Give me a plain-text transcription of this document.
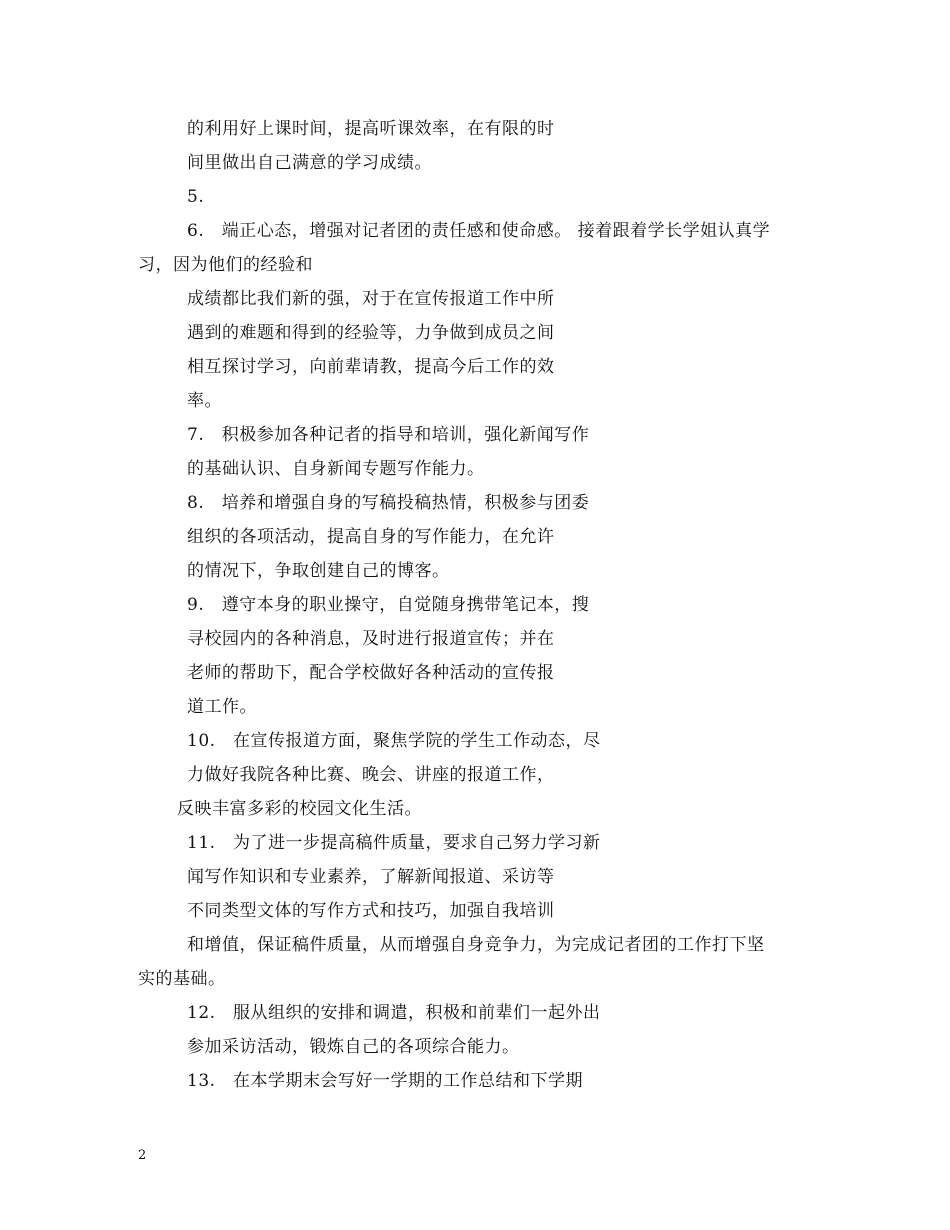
的利用好上课时间，提高听课效率，在有限的时
间里做出自己满意的学习成绩。
5.
6.　端正心态，增强对记者团的责任感和使命感。 接着跟着学长学姐认真学
习，因为他们的经验和
成绩都比我们新的强，对于在宣传报道工作中所
遇到的难题和得到的经验等，力争做到成员之间
相互探讨学习，向前辈请教，提高今后工作的效
率。
7.　积极参加各种记者的指导和培训，强化新闻写作
的基础认识、自身新闻专题写作能力。
8.　培养和增强自身的写稿投稿热情，积极参与团委
组织的各项活动，提高自身的写作能力，在允许
的情况下，争取创建自己的博客。
9.　遵守本身的职业操守，自觉随身携带笔记本，搜
寻校园内的各种消息，及时进行报道宣传；并在
老师的帮助下，配合学校做好各种活动的宣传报
道工作。
10.　在宣传报道方面，聚焦学院的学生工作动态，尽
力做好我院各种比赛、晚会、讲座的报道工作，
反映丰富多彩的校园文化生活。
11.　为了进一步提高稿件质量，要求自己努力学习新
闻写作知识和专业素养，了解新闻报道、采访等
不同类型文体的写作方式和技巧，加强自我培训
和增值，保证稿件质量，从而增强自身竞争力，为完成记者团的工作打下坚
实的基础。
12.　服从组织的安排和调遣，积极和前辈们一起外出
参加采访活动，锻炼自己的各项综合能力。
13.　在本学期末会写好一学期的工作总结和下学期
2
